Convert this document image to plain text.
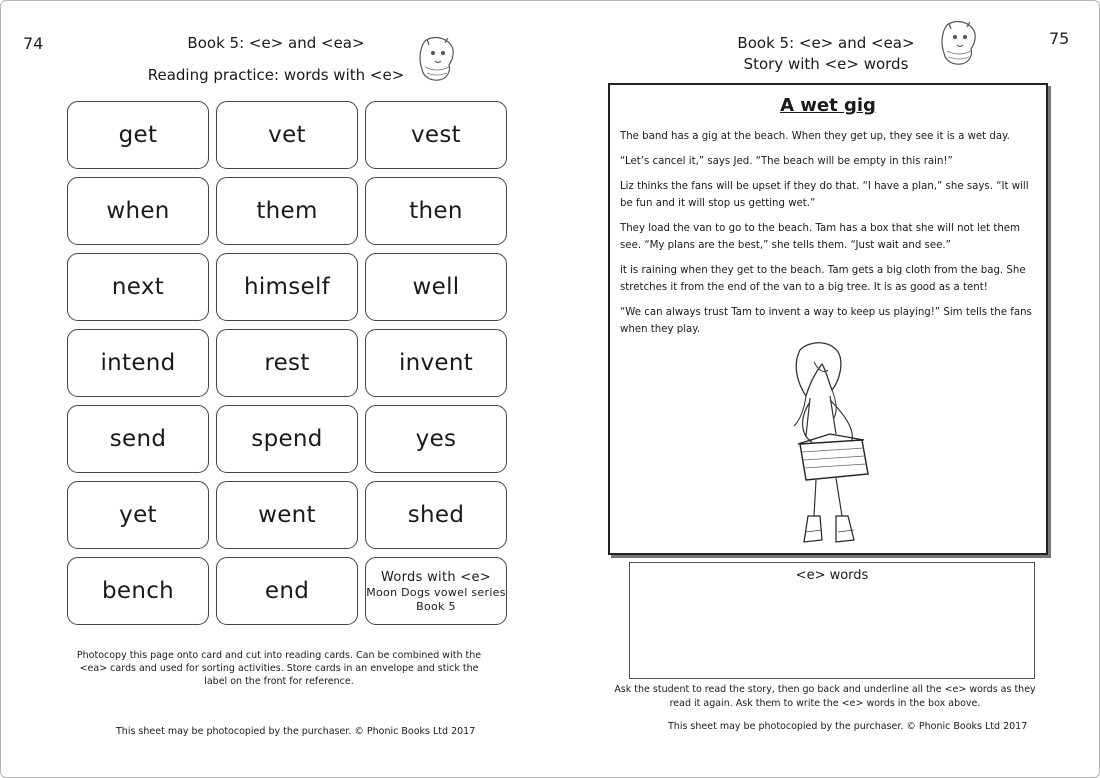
74	Book 5: <e> and <ea>
Reading practice: words with <e>
get	vet	vest
when	them	then
next	himself	well
intend	rest	invent
send	spend	yes
yet	went	shed
bench	end
Words with <e>
Moon Dogs vowel series
Book 5
Photocopy this page onto card and cut into reading cards. Can be combined with the <ea> cards and used for sorting activities. Store cards in an envelope and stick the label on the front for reference.
This sheet may be photocopied by the purchaser. © Phonic Books Ltd 2017
75
Book 5: <e> and <ea>
Story with <e> words
A wet gig

The band has a gig at the beach. When they get up, they see it is a wet day.

“Let’s cancel it,” says Jed. “The beach will be empty in this rain!”

Liz thinks the fans will be upset if they do that. “I have a plan,” she says. “It will be fun and it will stop us getting wet.”

They load the van to go to the beach. Tam has a box that she will not let them see. “My plans are the best,” she tells them. “Just wait and see.”

it is raining when they get to the beach. Tam gets a big cloth from the bag. She stretches it from the end of the van to a big tree. It is as good as a tent!

“We can always trust Tam to invent a way to keep us playing!” Sim tells the fans when they play.

<e> words
Ask the student to read the story, then go back and underline all the <e> words as they read it again. Ask them to write the <e> words in the box above.
This sheet may be photocopied by the purchaser. © Phonic Books Ltd 2017
